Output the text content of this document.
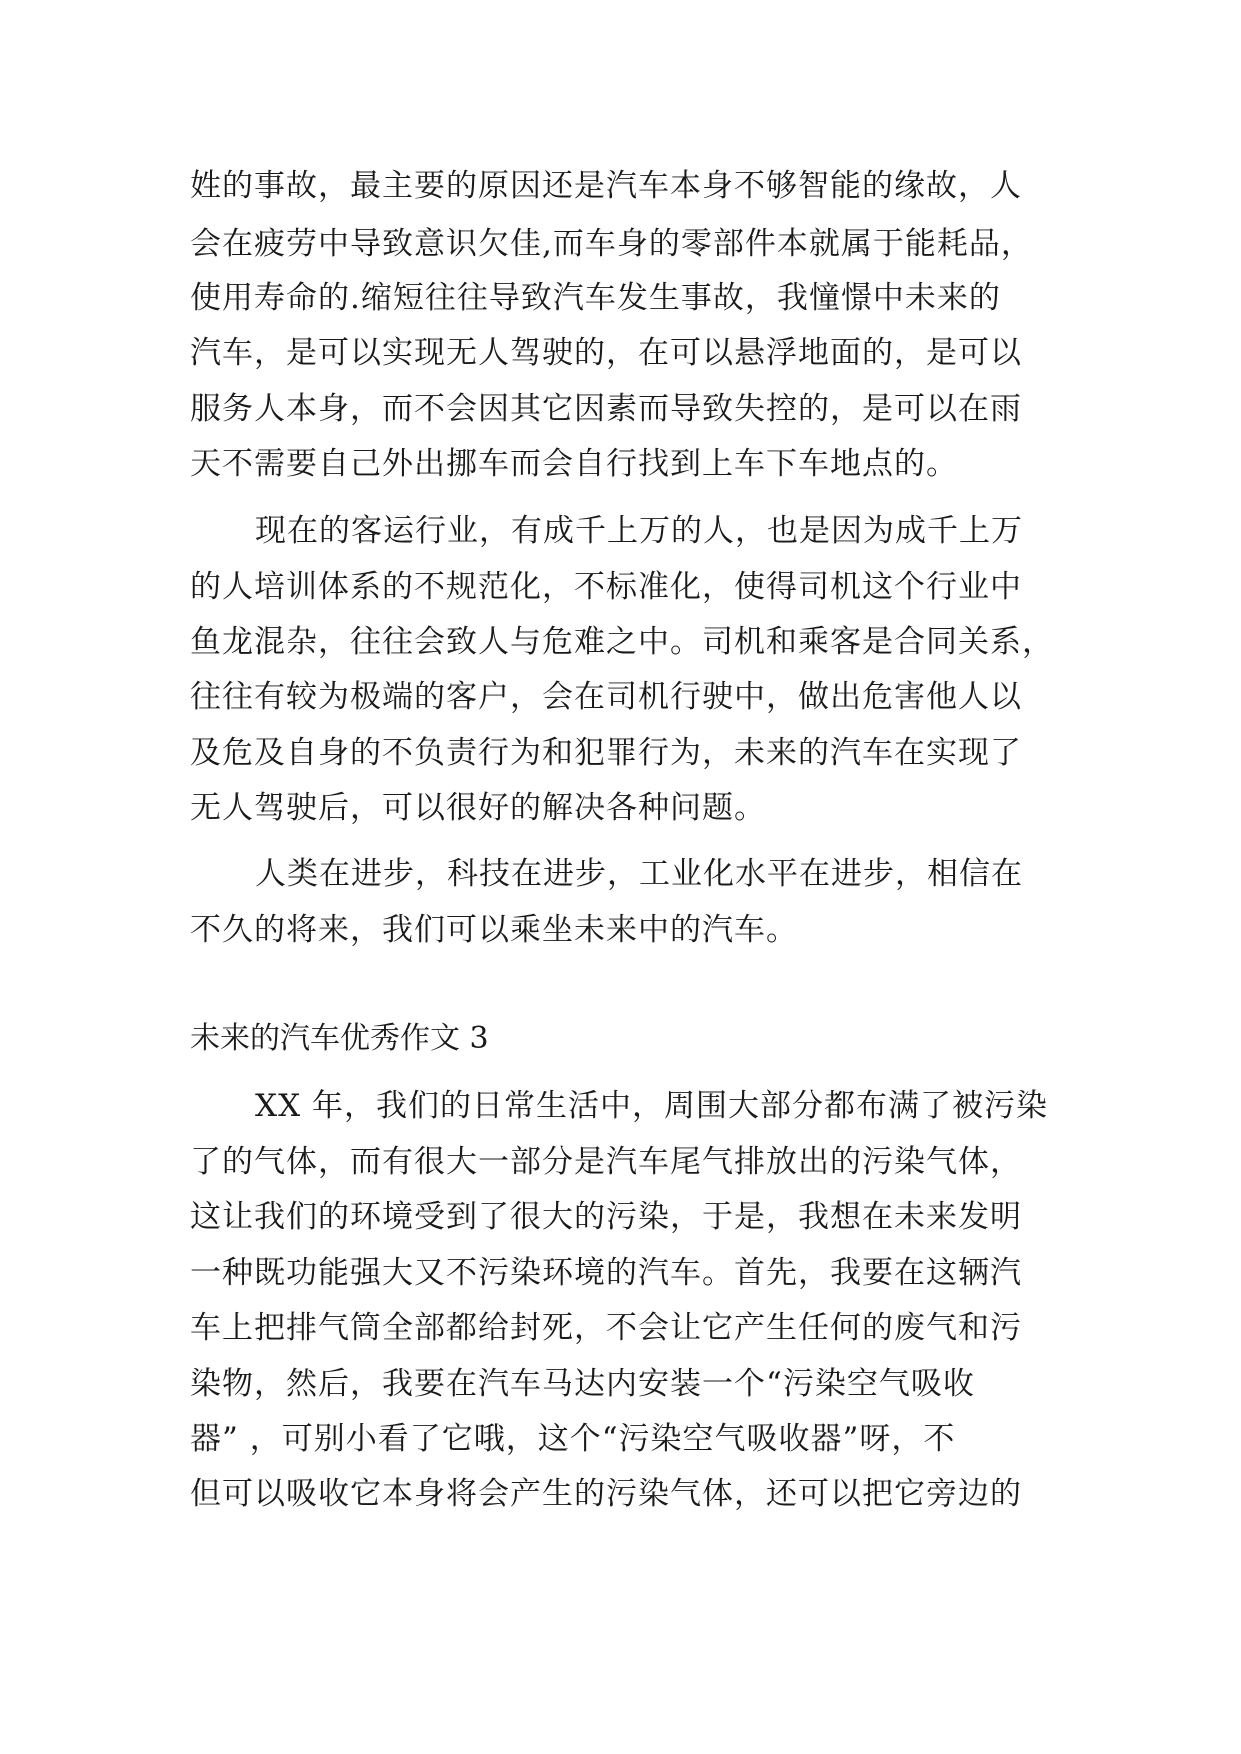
姓的事故，最主要的原因还是汽车本身不够智能的缘故，人
会在疲劳中导致意识欠佳,而车身的零部件本就属于能耗品，
使用寿命的.缩短往往导致汽车发生事故，我憧憬中未来的
汽车，是可以实现无人驾驶的，在可以悬浮地面的，是可以
服务人本身，而不会因其它因素而导致失控的，是可以在雨
天不需要自己外出挪车而会自行找到上车下车地点的。
现在的客运行业，有成千上万的人，也是因为成千上万
的人培训体系的不规范化，不标准化，使得司机这个行业中
鱼龙混杂，往往会致人与危难之中。司机和乘客是合同关系，
往往有较为极端的客户，会在司机行驶中，做出危害他人以
及危及自身的不负责行为和犯罪行为，未来的汽车在实现了
无人驾驶后，可以很好的解决各种问题。
人类在进步，科技在进步，工业化水平在进步，相信在
不久的将来，我们可以乘坐未来中的汽车。
未来的汽车优秀作文 3
XX 年，我们的日常生活中，周围大部分都布满了被污染
了的气体，而有很大一部分是汽车尾气排放出的污染气体，
这让我们的环境受到了很大的污染，于是，我想在未来发明
一种既功能强大又不污染环境的汽车。首先，我要在这辆汽
车上把排气筒全部都给封死，不会让它产生任何的废气和污
染物，然后，我要在汽车马达内安装一个“污染空气吸收
器” ，可别小看了它哦，这个“污染空气吸收器”呀，不
但可以吸收它本身将会产生的污染气体，还可以把它旁边的
